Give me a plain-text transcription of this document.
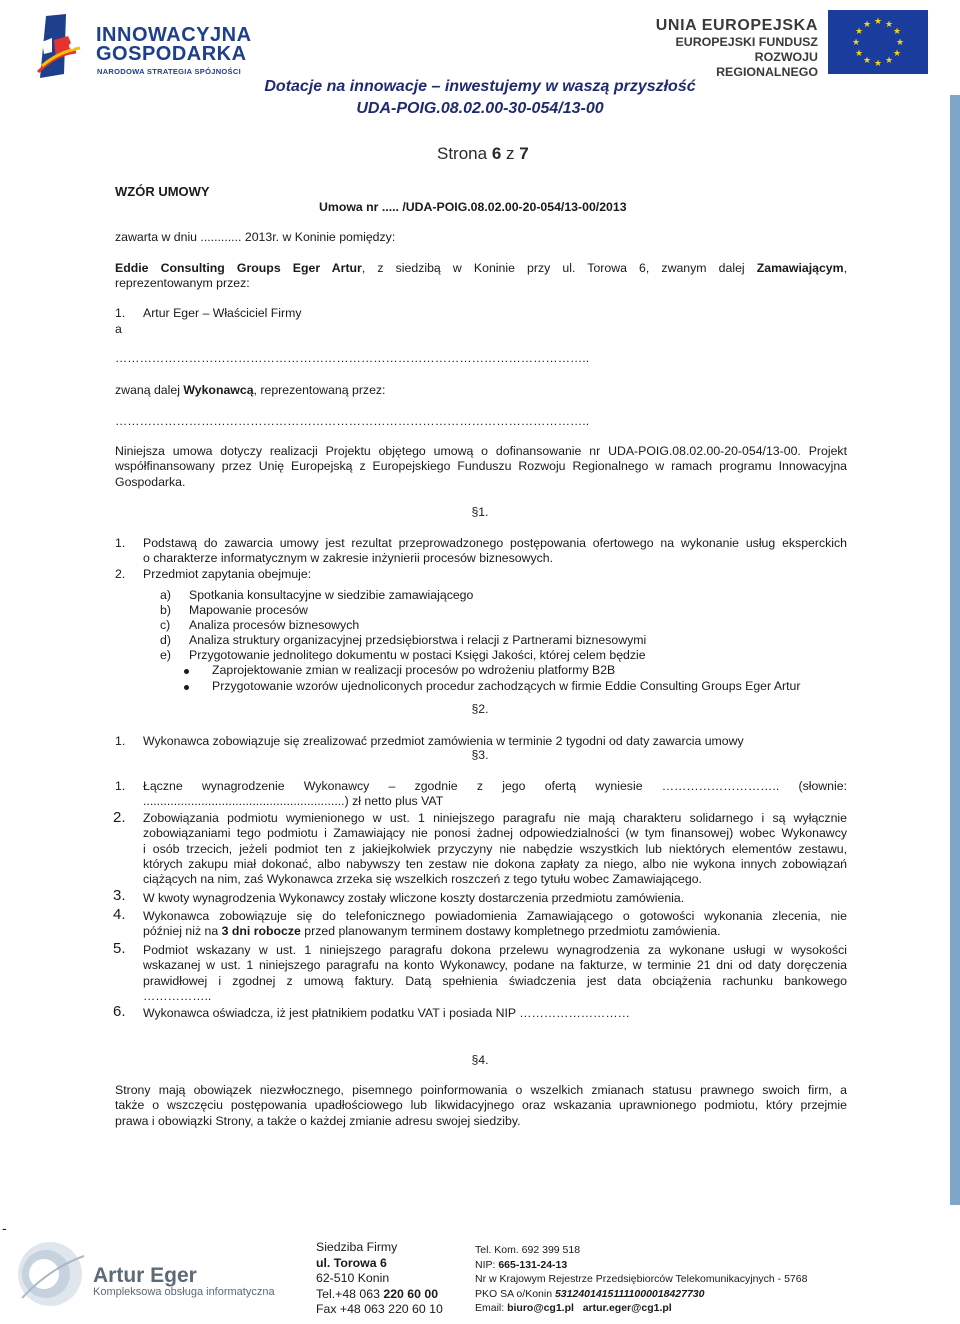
INNOWACYJNA
GOSPODARKA
NARODOWA STRATEGIA SPÓJNOŚCI
UNIA EUROPEJSKA
EUROPEJSKI FUNDUSZ
ROZWOJU REGIONALNEGO
★ ★
★
★
★
★
★
★
★
★
★
★
Dotacje na innowacje – inwestujemy w waszą przyszłość
UDA-POIG.08.02.00-30-054/13-00
Strona 6 z 7
WZÓR UMOWY
Umowa nr ..... /UDA-POIG.08.02.00-20-054/13-00/2013
zawarta w dniu ............ 2013r. w Koninie pomiędzy:
Eddie Consulting Groups Eger Artur, z siedzibą w Koninie przy ul. Torowa 6, zwanym dalej Zamawiającym,
reprezentowanym przez:
1. Artur Eger – Właściciel Firmy
a
……………………………………………………………………………………………………..
zwaną dalej Wykonawcą, reprezentowaną przez:
……………………………………………………………………………………………………..
Niniejsza umowa dotyczy realizacji Projektu objętego umową o dofinansowanie nr UDA-POIG.08.02.00-20-054/13-00. Projekt
współfinansowany przez Unię Europejską z Europejskiego Funduszu Rozwoju Regionalnego w ramach programu Innowacyjna
Gospodarka.
§1.
1. Podstawą do zawarcia umowy jest rezultat przeprowadzonego postępowania ofertowego na wykonanie usług eksperckich
o charakterze informatycznym w zakresie inżynierii procesów biznesowych.
2. Przedmiot zapytania obejmuje:
a) Spotkania konsultacyjne w siedzibie zamawiającego
b) Mapowanie procesów
c) Analiza procesów biznesowych
d) Analiza struktury organizacyjnej przedsiębiorstwa i relacji z Partnerami biznesowymi
e) Przygotowanie jednolitego dokumentu w postaci Księgi Jakości, której celem będzie
Zaprojektowanie zmian w realizacji procesów po wdrożeniu platformy B2B
Przygotowanie wzorów ujednoliconych procedur zachodzących w firmie Eddie Consulting Groups Eger Artur
§2.
1. Wykonawca zobowiązuje się zrealizować przedmiot zamówienia w terminie 2 tygodni od daty zawarcia umowy
§3.
1. Łączne wynagrodzenie Wykonawcy – zgodnie z jego ofertą wyniesie ……………………….. (słownie:
...........................................................) zł netto plus VAT
2. Zobowiązania podmiotu wymienionego w ust. 1 niniejszego paragrafu nie mają charakteru solidarnego i są wyłącznie
zobowiązaniami tego podmiotu i Zamawiający nie ponosi żadnej odpowiedzialności (w tym finansowej) wobec Wykonawcy
i osób trzecich, jeżeli podmiot ten z jakiejkolwiek przyczyny nie nabędzie wszystkich lub niektórych elementów zestawu,
których zakupu miał dokonać, albo nabywszy ten zestaw nie dokona zapłaty za niego, albo nie wykona innych zobowiązań
ciążących na nim, zaś Wykonawca zrzeka się wszelkich roszczeń z tego tytułu wobec Zamawiającego.
3. W kwoty wynagrodzenia Wykonawcy zostały wliczone koszty dostarczenia przedmiotu zamówienia.
4. Wykonawca zobowiązuje się do telefonicznego powiadomienia Zamawiającego o gotowości wykonania zlecenia, nie
później niż na 3 dni robocze przed planowanym terminem dostawy kompletnego przedmiotu zamówienia.
5. Podmiot wskazany w ust. 1 niniejszego paragrafu dokona przelewu wynagrodzenia za wykonane usługi w wysokości
wskazanej w ust. 1 niniejszego paragrafu na konto Wykonawcy, podane na fakturze, w terminie 21 dni od daty doręczenia
prawidłowej i zgodnej z umową faktury. Datą spełnienia świadczenia jest data obciążenia rachunku bankowego
……………..
6. Wykonawca oświadcza, iż jest płatnikiem podatku VAT i posiada NIP ………………………
§4.
Strony mają obowiązek niezwłocznego, pisemnego poinformowania o wszelkich zmianach statusu prawnego swoich firm, a
także o wszczęciu postępowania upadłościowego lub likwidacyjnego oraz wskazania uprawnionego podmiotu, który przejmie
prawa i obowiązki Strony, a także o każdej zmianie adresu swojej siedziby.
-
Artur Eger
Kompleksowa obsługa informatyczna
Siedziba Firmy
ul. Torowa 6
62-510 Konin
Tel.+48 063 220 60 00
Fax +48 063 220 60 10
Tel. Kom. 692 399 518
NIP: 665-131-24-13
Nr w Krajowym Rejestrze Przedsiębiorców Telekomunikacyjnych - 5768
PKO SA o/Konin 53124014151111000018427730
Email: biuro@cg1.pl artur.eger@cg1.pl
